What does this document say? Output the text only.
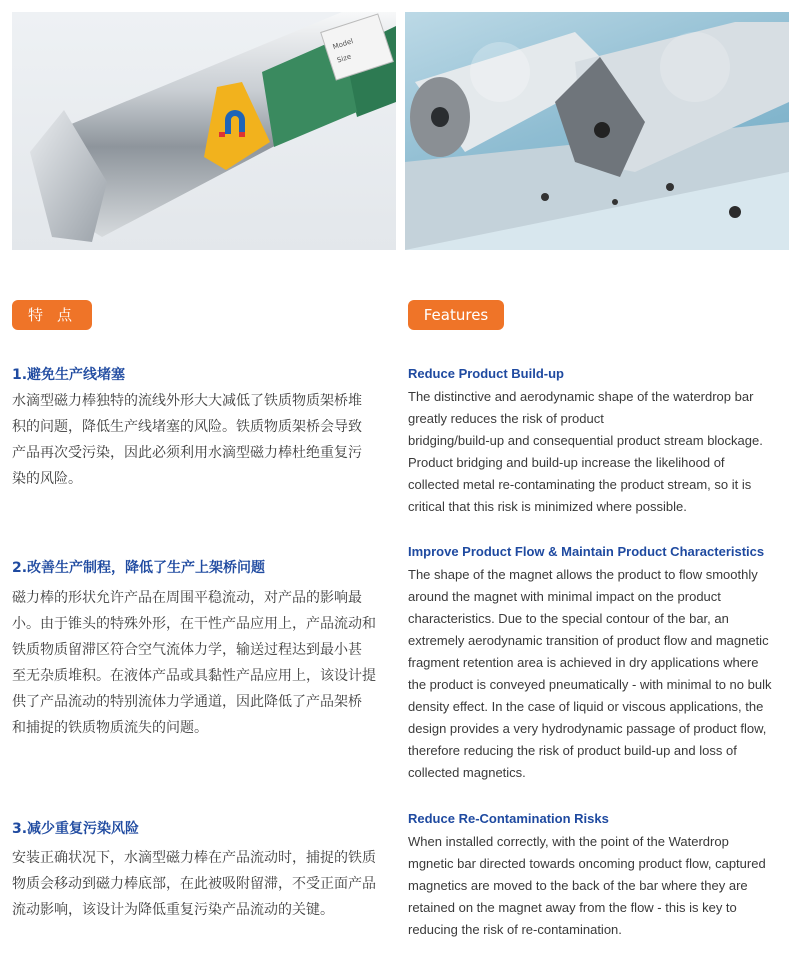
Model
Size
特点	Features
1.避免生产线堵塞
水滴型磁力棒独特的流线外形大大减低了铁质物质架桥堆
积的问题，降低生产线堵塞的风险。铁质物质架桥会导致
产品再次受污染，因此必须利用水滴型磁力棒杜绝重复污
染的风险。
2.改善生产制程，降低了生产上架桥问题
磁力棒的形状允许产品在周围平稳流动，对产品的影响最
小。由于锥头的特殊外形，在干性产品应用上，产品流动和
铁质物质留滞区符合空气流体力学，输送过程达到最小甚
至无杂质堆积。在液体产品或具黏性产品应用上，该设计提
供了产品流动的特别流体力学通道，因此降低了产品架桥
和捕捉的铁质物质流失的问题。
3.减少重复污染风险
安装正确状况下，水滴型磁力棒在产品流动时，捕捉的铁质
物质会移动到磁力棒底部，在此被吸附留滞，不受正面产品
流动影响，该设计为降低重复污染产品流动的关键。
Reduce Product Build-up
The distinctive and aerodynamic shape of the waterdrop bar
greatly reduces the risk of product
bridging/build-up and consequential product stream blockage.
Product bridging and build-up increase the likelihood of
collected metal re-contaminating the product stream, so it is
critical that this risk is minimized where possible.
Improve Product Flow & Maintain Product Characteristics
The shape of the magnet allows the product to flow smoothly
around the magnet with minimal impact on the product
characteristics. Due to the special contour of the bar, an
extremely aerodynamic transition of product flow and magnetic
fragment retention area is achieved in dry applications where
the product is conveyed pneumatically - with minimal to no bulk
density effect. In the case of liquid or viscous applications, the
design provides a very hydrodynamic passage of product flow,
therefore reducing the risk of product build-up and loss of
collected magnetics.
Reduce Re-Contamination Risks
When installed correctly, with the point of the Waterdrop
mgnetic bar directed towards oncoming product flow, captured
magnetics are moved to the back of the bar where they are
retained on the magnet away from the flow - this is key to
reducing the risk of re-contamination.
